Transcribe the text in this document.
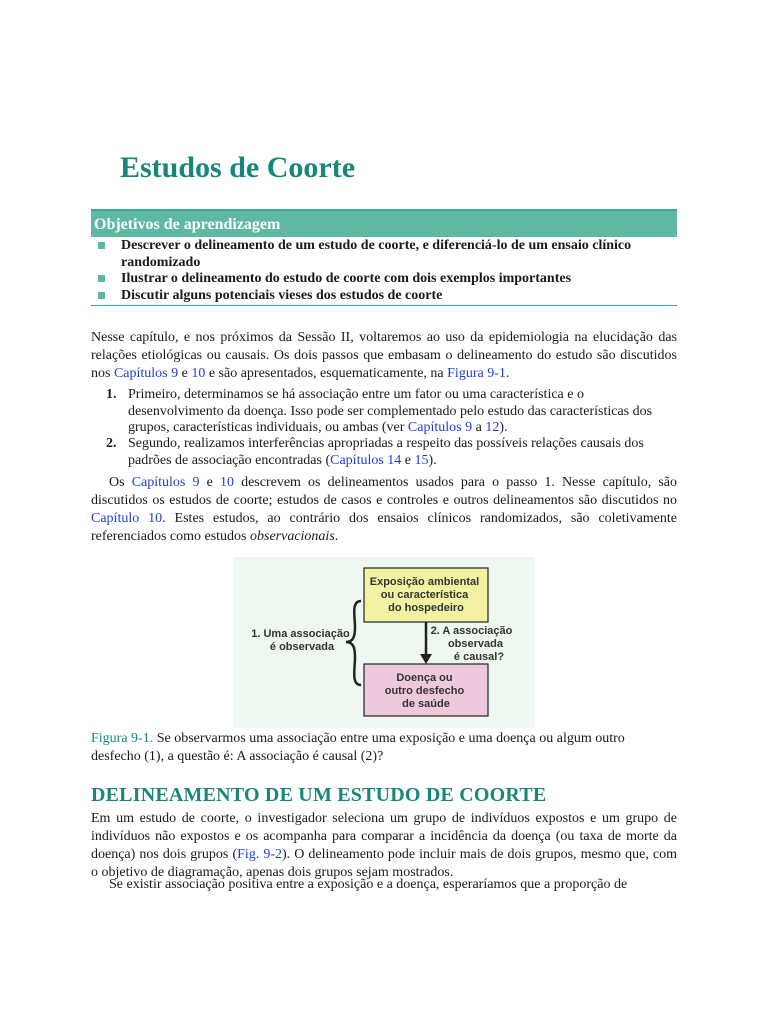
Estudos de Coorte
Objetivos de aprendizagem
Descrever o delineamento de um estudo de coorte, e diferenciá-lo de um ensaio clínico randomizado
Ilustrar o delineamento do estudo de coorte com dois exemplos importantes
Discutir alguns potenciais vieses dos estudos de coorte

Nesse capítulo, e nos próximos da Sessão II, voltaremos ao uso da epidemiologia na elucidação das relações etiológicas ou causais. Os dois passos que embasam o delineamento do estudo são discutidos nos Capítulos 9 e 10 e são apresentados, esquematicamente, na Figura 9-1.

1. Primeiro, determinamos se há associação entre um fator ou uma característica e o desenvolvimento da doença. Isso pode ser complementado pelo estudo das características dos grupos, características individuais, ou ambas (ver Capítulos 9 a 12).
2. Segundo, realizamos interferências apropriadas a respeito das possíveis relações causais dos padrões de associação encontradas (Capítulos 14 e 15).

Os Capítulos 9 e 10 descrevem os delineamentos usados para o passo 1. Nesse capítulo, são discutidos os estudos de coorte; estudos de casos e controles e outros delineamentos são discutidos no Capítulo 10. Estes estudos, ao contrário dos ensaios clínicos randomizados, são coletivamente referenciados como estudos observacionais.

Exposição ambiental ou característica do hospedeiro
Doença ou outro desfecho de saúde
1. Uma associação é observada
2. A associação observada é causal?

Figura 9-1. Se observarmos uma associação entre uma exposição e uma doença ou algum outro desfecho (1), a questão é: A associação é causal (2)?

DELINEAMENTO DE UM ESTUDO DE COORTE

Em um estudo de coorte, o investigador seleciona um grupo de indivíduos expostos e um grupo de indivíduos não expostos e os acompanha para comparar a incidência da doença (ou taxa de morte da doença) nos dois grupos (Fig. 9-2). O delineamento pode incluir mais de dois grupos, mesmo que, com o objetivo de diagramação, apenas dois grupos sejam mostrados.

Se existir associação positiva entre a exposição e a doença, esperaríamos que a proporção de
